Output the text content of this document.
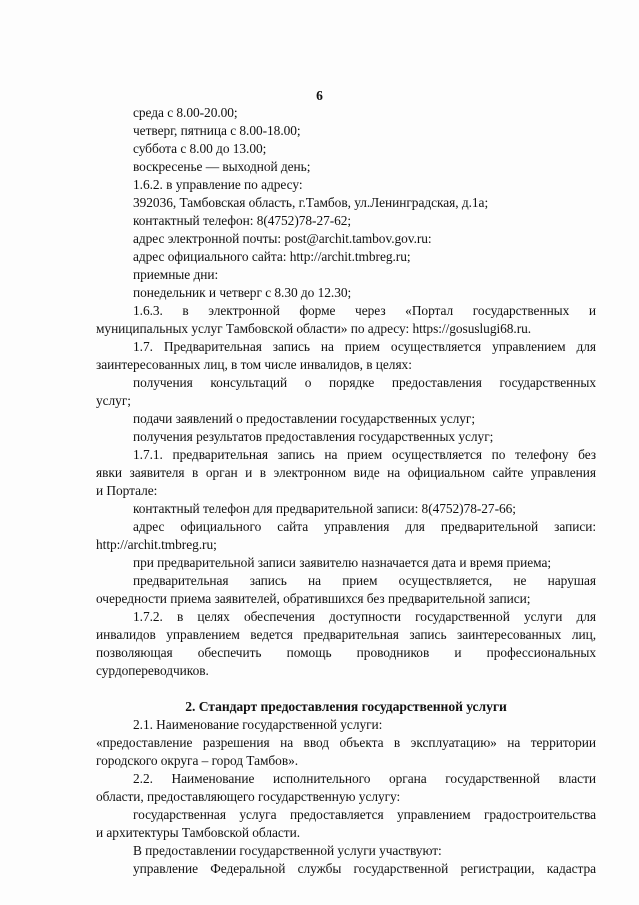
6
среда с 8.00-20.00;
четверг, пятница с 8.00-18.00;
суббота с 8.00 до 13.00;
воскресенье — выходной день;
1.6.2. в управление по адресу:
392036, Тамбовская область, г.Тамбов, ул.Ленинградская, д.1а;
контактный телефон: 8(4752)78-27-62;
адрес электронной почты: post@archit.tambov.gov.ru:
адрес официального сайта: http://archit.tmbreg.ru;
приемные дни:
понедельник и четверг с 8.30 до 12.30;
1.6.3. в электронной форме через «Портал государственных и
муниципальных услуг Тамбовской области» по адресу: https://gosuslugi68.ru.
1.7. Предварительная запись на прием осуществляется управлением для
заинтересованных лиц, в том числе инвалидов, в целях:
получения консультаций о порядке предоставления государственных
услуг;
подачи заявлений о предоставлении государственных услуг;
получения результатов предоставления государственных услуг;
1.7.1. предварительная запись на прием осуществляется по телефону без
явки заявителя в орган и в электронном виде на официальном сайте управления
и Портале:
контактный телефон для предварительной записи: 8(4752)78-27-66;
адрес официального сайта управления для предварительной записи:
http://archit.tmbreg.ru;
при предварительной записи заявителю назначается дата и время приема;
предварительная запись на прием осуществляется, не нарушая
очередности приема заявителей, обратившихся без предварительной записи;
1.7.2. в целях обеспечения доступности государственной услуги для
инвалидов управлением ведется предварительная запись заинтересованных лиц,
позволяющая обеспечить помощь проводников и профессиональных
сурдопереводчиков.
2. Стандарт предоставления государственной услуги
2.1. Наименование государственной услуги:
«предоставление разрешения на ввод объекта в эксплуатацию» на территории
городского округа – город Тамбов».
2.2. Наименование исполнительного органа государственной власти
области, предоставляющего государственную услугу:
государственная услуга предоставляется управлением градостроительства
и архитектуры Тамбовской области.
В предоставлении государственной услуги участвуют:
управление Федеральной службы государственной регистрации, кадастра
